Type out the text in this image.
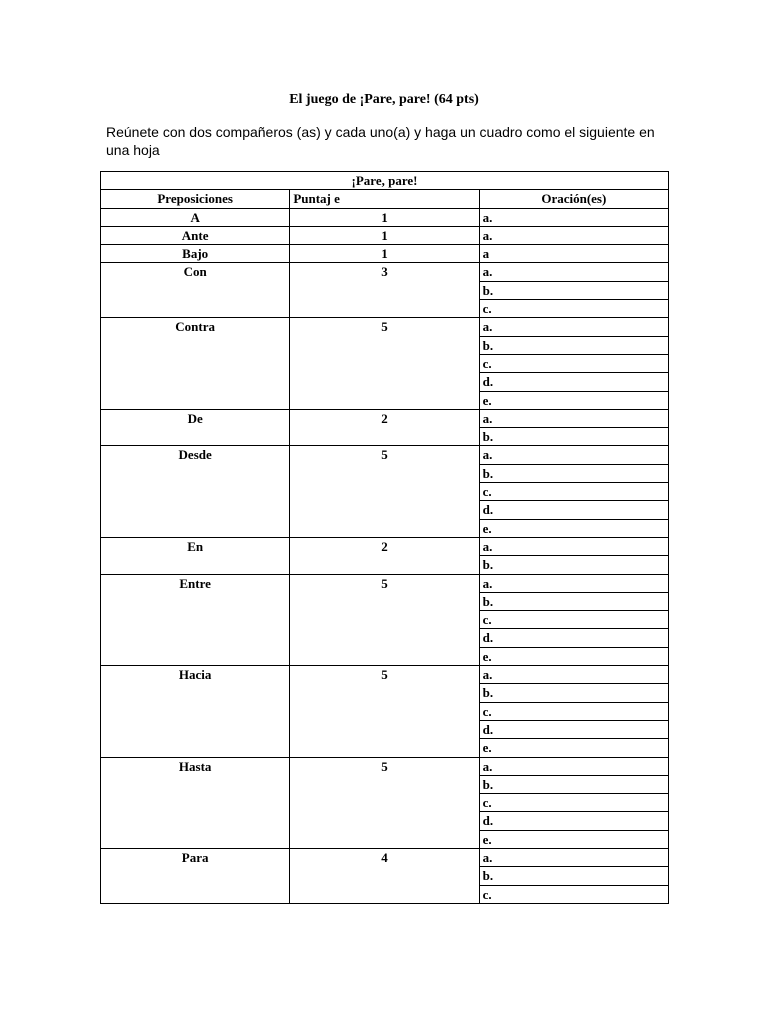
El juego de ¡Pare, pare! (64 pts)
Reúnete con dos compañeros (as) y cada uno(a) y haga un cuadro como el siguiente en una hoja
¡Pare, pare!		
Preposiciones	Puntaj e	Oración(es)
A	1	a.
Ante	1	a.
Bajo	1	a
Con	3	a.
		b.
		c.
Contra	5	a.
		b.
		c.
		d.
		e.
De	2	a.
		b.
Desde	5	a.
		b.
		c.
		d.
		e.
En	2	a.
		b.
Entre	5	a.
		b.
		c.
		d.
		e.
Hacia	5	a.
		b.
		c.
		d.
		e.
Hasta	5	a.
		b.
		c.
		d.
		e.
Para	4	a.
		b.
		c.
